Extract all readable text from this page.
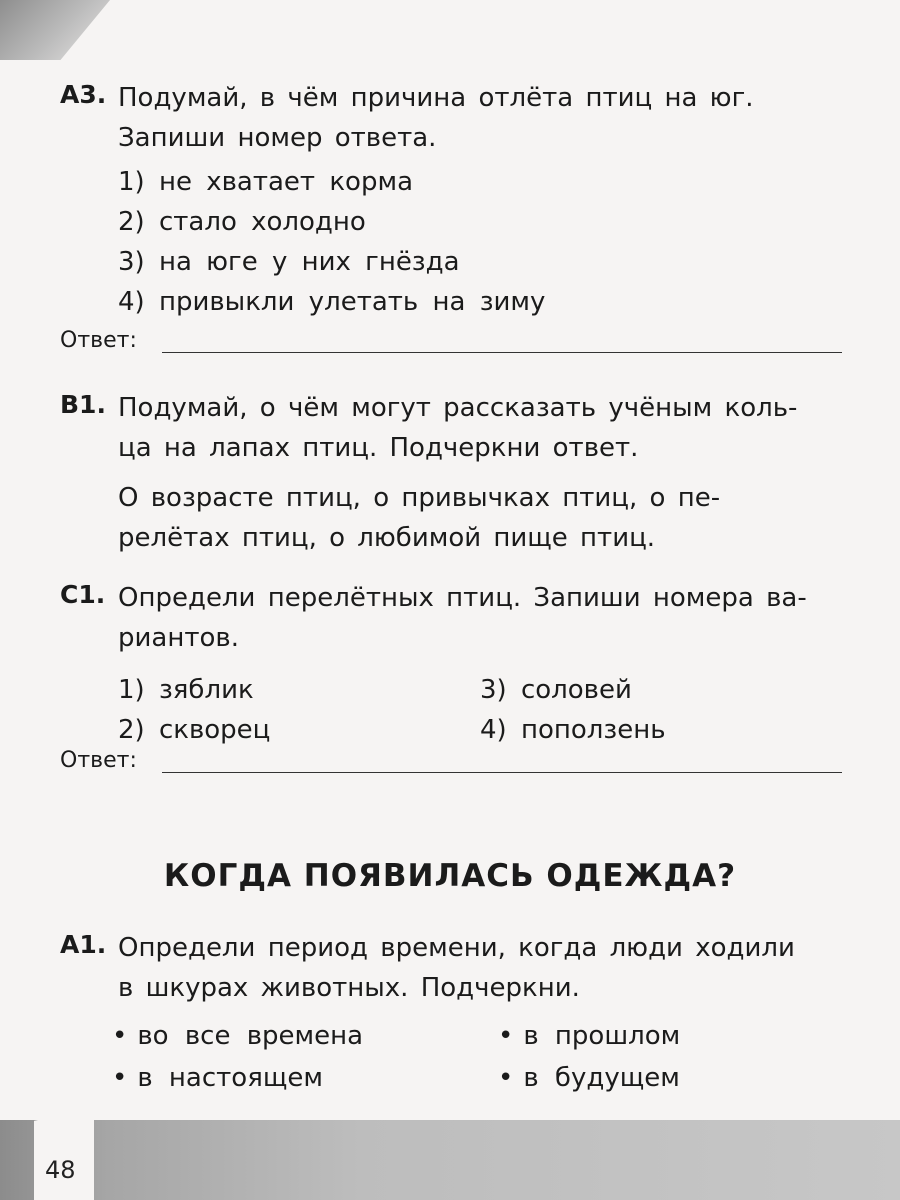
А3. Подумай, в чём причина отлёта птиц на юг.
Запиши номер ответа.
1) не хватает корма
2) стало холодно
3) на юге у них гнёзда
4) привыкли улетать на зиму
Ответ:
В1. Подумай, о чём могут рассказать учёным коль-
ца на лапах птиц. Подчеркни ответ.
О возрасте птиц, о привычках птиц, о пе-
релётах птиц, о любимой пище птиц.
С1. Определи перелётных птиц. Запиши номера ва-
риантов.
1) зяблик	3) соловей
2) скворец	4) поползень
Ответ:
КОГДА ПОЯВИЛАСЬ ОДЕЖДА?
А1. Определи период времени, когда люди ходили
в шкурах животных. Подчеркни.
• во все времена	• в прошлом
• в настоящем	• в будущем
48
